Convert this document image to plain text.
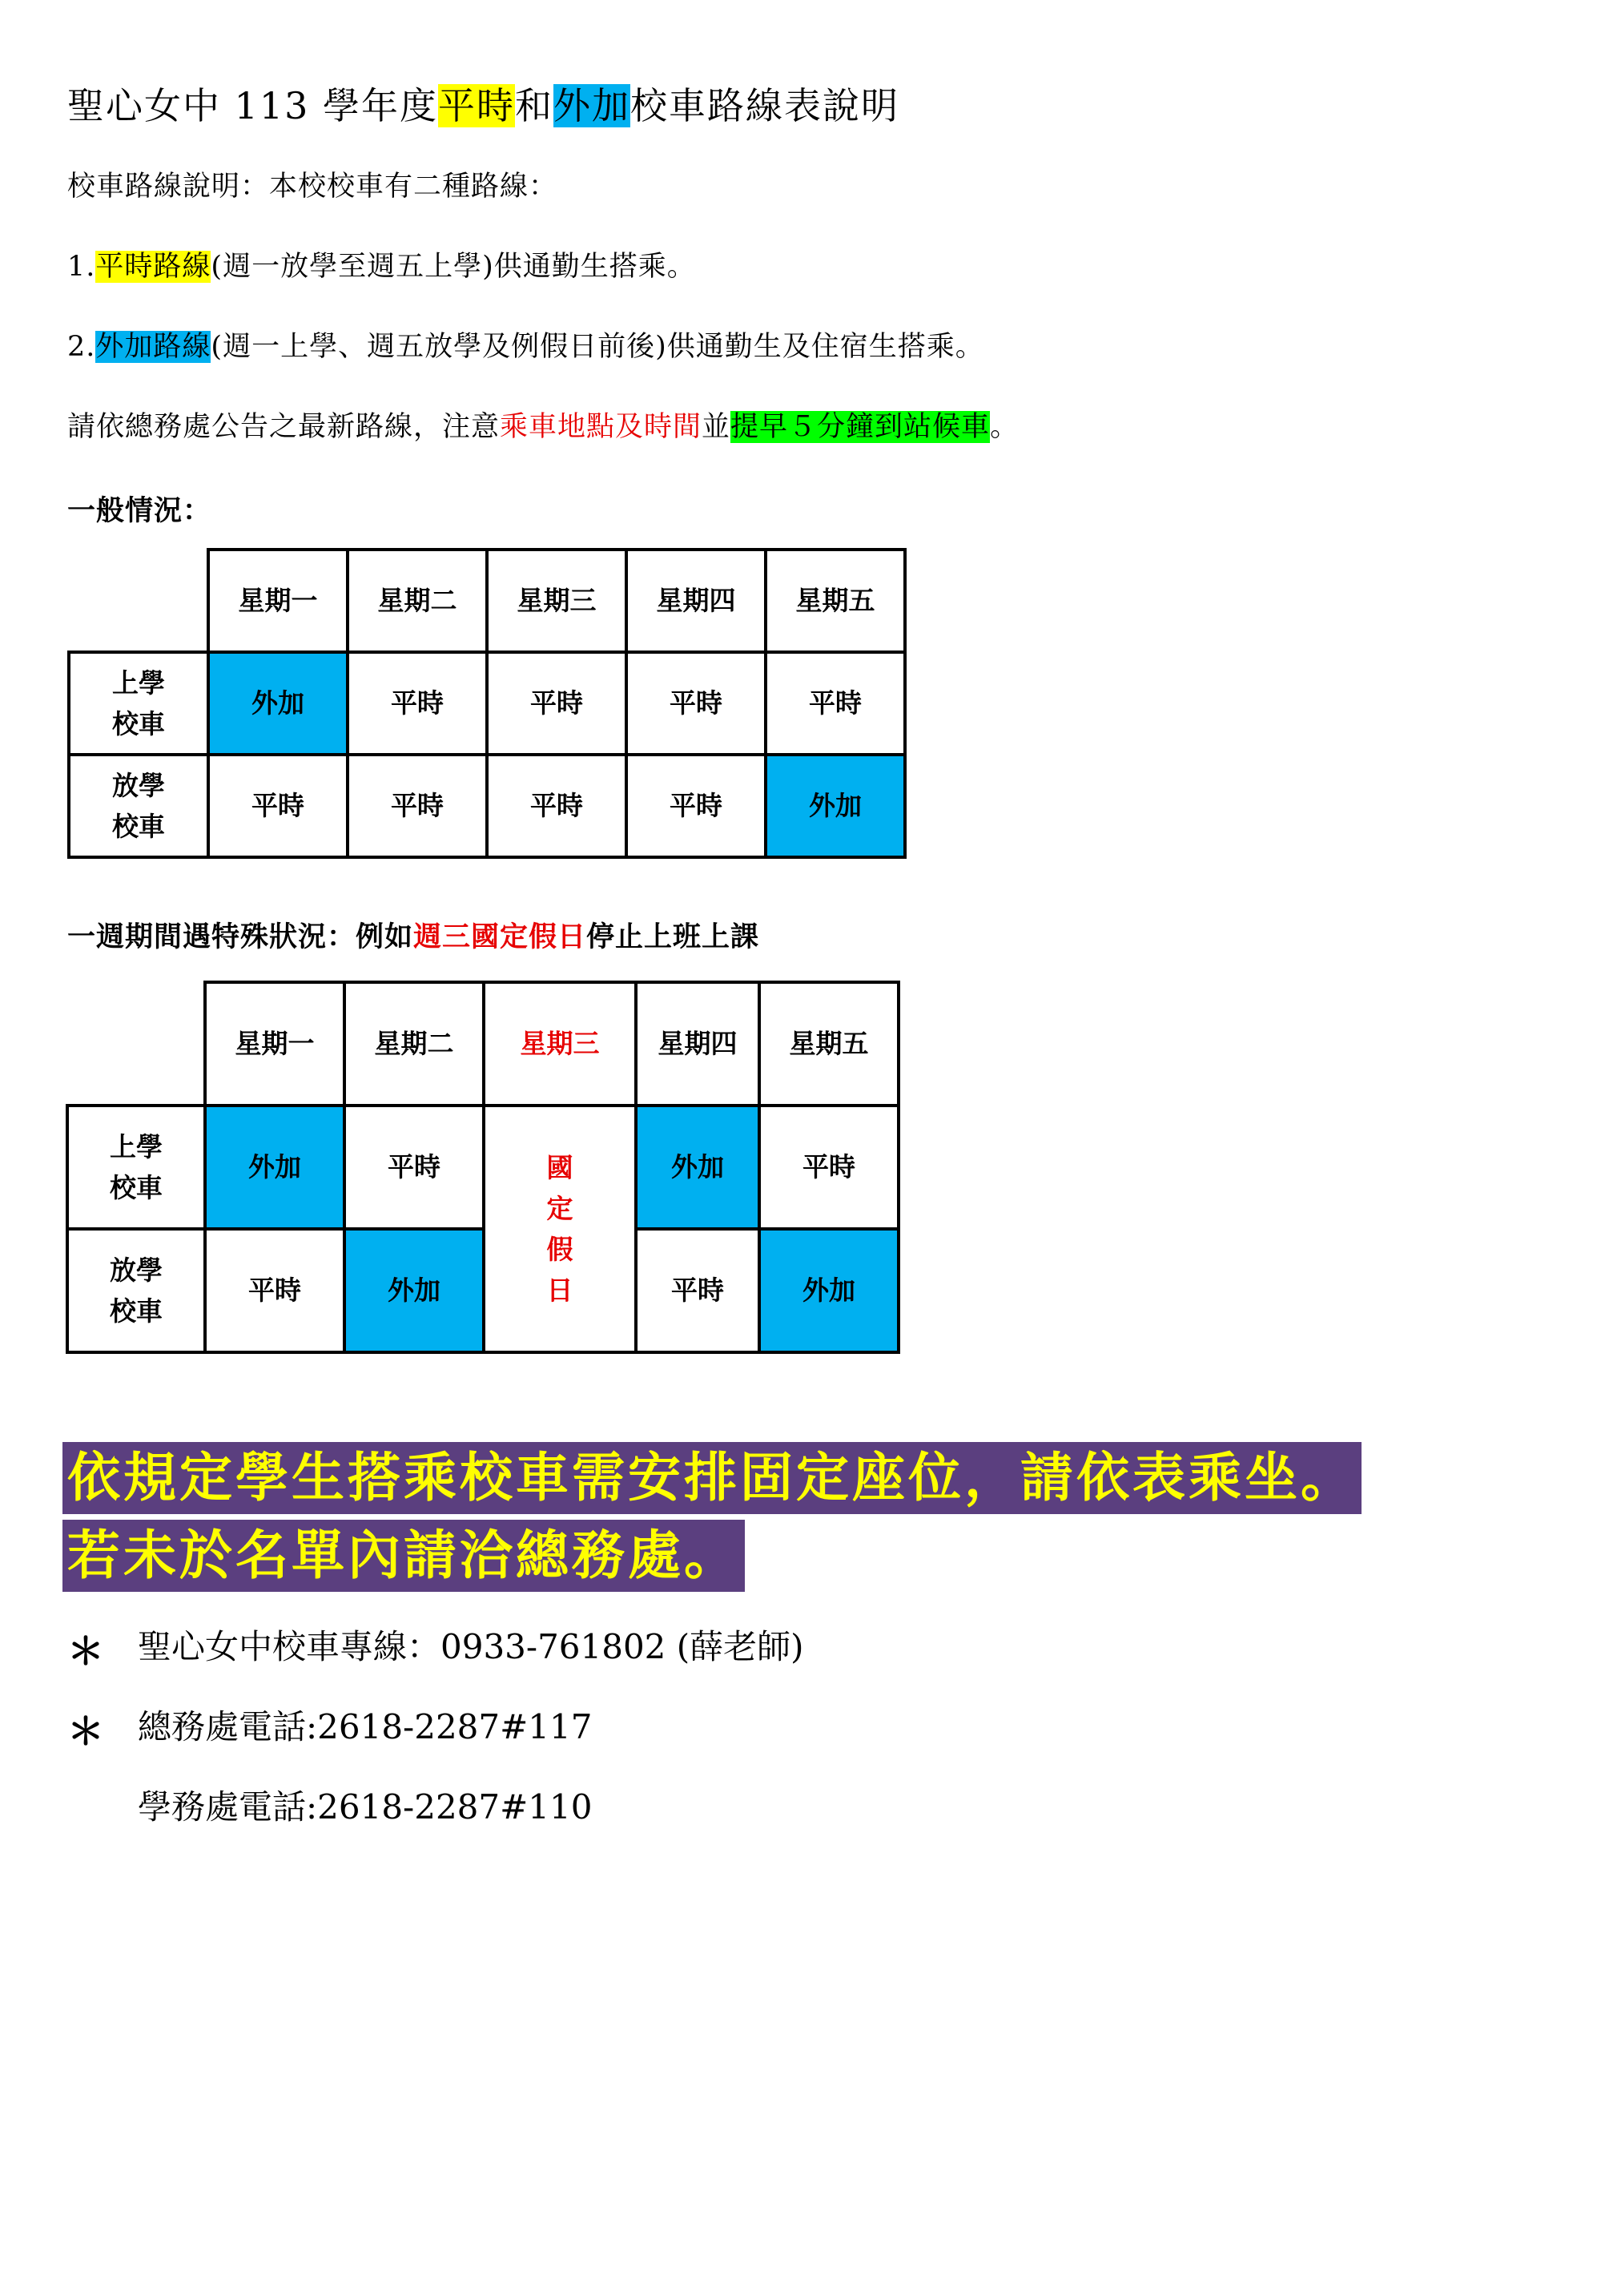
聖心女中 113 學年度平時和外加校車路線表說明
校車路線說明：本校校車有二種路線：
1.平時路線(週一放學至週五上學)供通勤生搭乘。
2.外加路線(週一上學、週五放學及例假日前後)供通勤生及住宿生搭乘。
請依總務處公告之最新路線，注意乘車地點及時間並提早５分鐘到站候車。
一般情況：
	星期一	星期二	星期三	星期四	星期五
上學
校車	外加	平時	平時	平時	平時
放學
校車	平時	平時	平時	平時	外加
一週期間遇特殊狀況：例如週三國定假日停止上班上課
	星期一	星期二	星期三	星期四	星期五
上學
校車	外加	平時	國
定
假
日	外加	平時
放學
校車	平時	外加		平時	外加
依規定學生搭乘校車需安排固定座位，請依表乘坐。
若未於名單內請洽總務處。
＊ 聖心女中校車專線：0933-761802 (薛老師)
＊ 總務處電話:2618-2287#117
學務處電話:2618-2287#110
